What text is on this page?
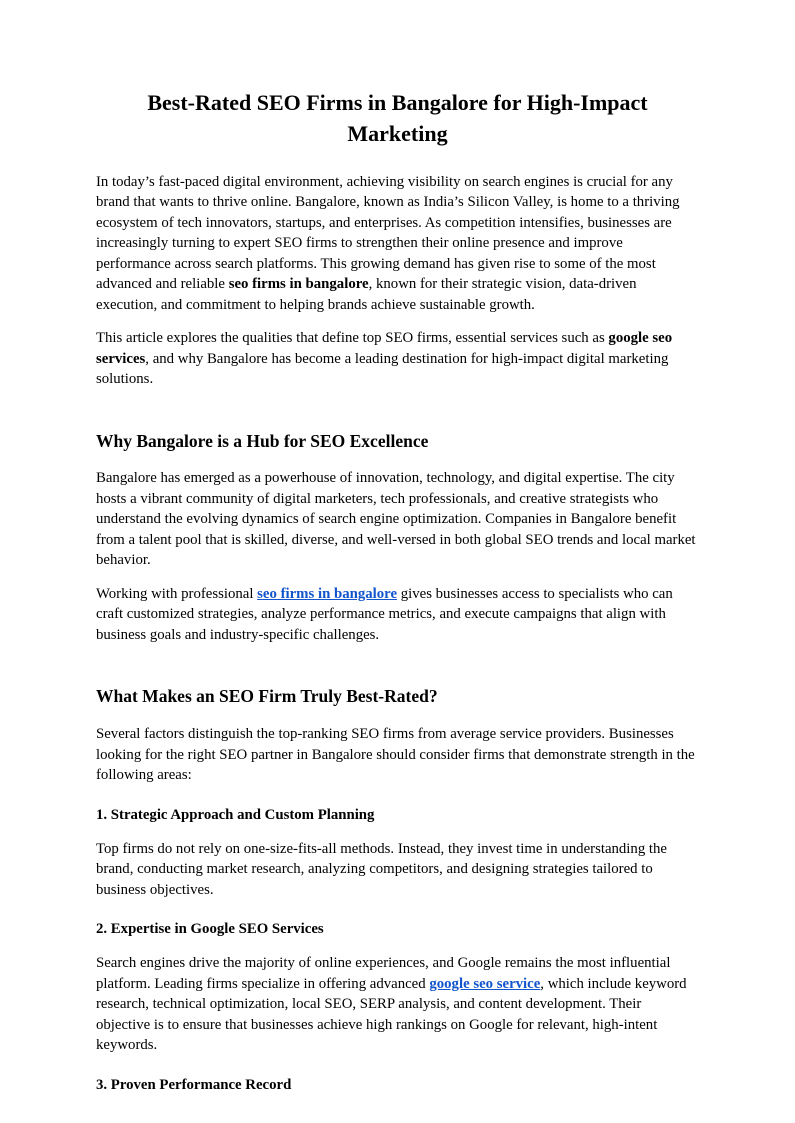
Best-Rated SEO Firms in Bangalore for High-Impact Marketing

In today’s fast-paced digital environment, achieving visibility on search engines is crucial for any brand that wants to thrive online. Bangalore, known as India’s Silicon Valley, is home to a thriving ecosystem of tech innovators, startups, and enterprises. As competition intensifies, businesses are increasingly turning to expert SEO firms to strengthen their online presence and improve performance across search platforms. This growing demand has given rise to some of the most advanced and reliable seo firms in bangalore, known for their strategic vision, data-driven execution, and commitment to helping brands achieve sustainable growth.

This article explores the qualities that define top SEO firms, essential services such as google seo services, and why Bangalore has become a leading destination for high-impact digital marketing solutions.

Why Bangalore is a Hub for SEO Excellence

Bangalore has emerged as a powerhouse of innovation, technology, and digital expertise. The city hosts a vibrant community of digital marketers, tech professionals, and creative strategists who understand the evolving dynamics of search engine optimization. Companies in Bangalore benefit from a talent pool that is skilled, diverse, and well-versed in both global SEO trends and local market behavior.

Working with professional seo firms in bangalore gives businesses access to specialists who can craft customized strategies, analyze performance metrics, and execute campaigns that align with business goals and industry-specific challenges.

What Makes an SEO Firm Truly Best-Rated?

Several factors distinguish the top-ranking SEO firms from average service providers. Businesses looking for the right SEO partner in Bangalore should consider firms that demonstrate strength in the following areas:

1. Strategic Approach and Custom Planning

Top firms do not rely on one-size-fits-all methods. Instead, they invest time in understanding the brand, conducting market research, analyzing competitors, and designing strategies tailored to business objectives.

2. Expertise in Google SEO Services

Search engines drive the majority of online experiences, and Google remains the most influential platform. Leading firms specialize in offering advanced google seo service, which include keyword research, technical optimization, local SEO, SERP analysis, and content development. Their objective is to ensure that businesses achieve high rankings on Google for relevant, high-intent keywords.

3. Proven Performance Record
